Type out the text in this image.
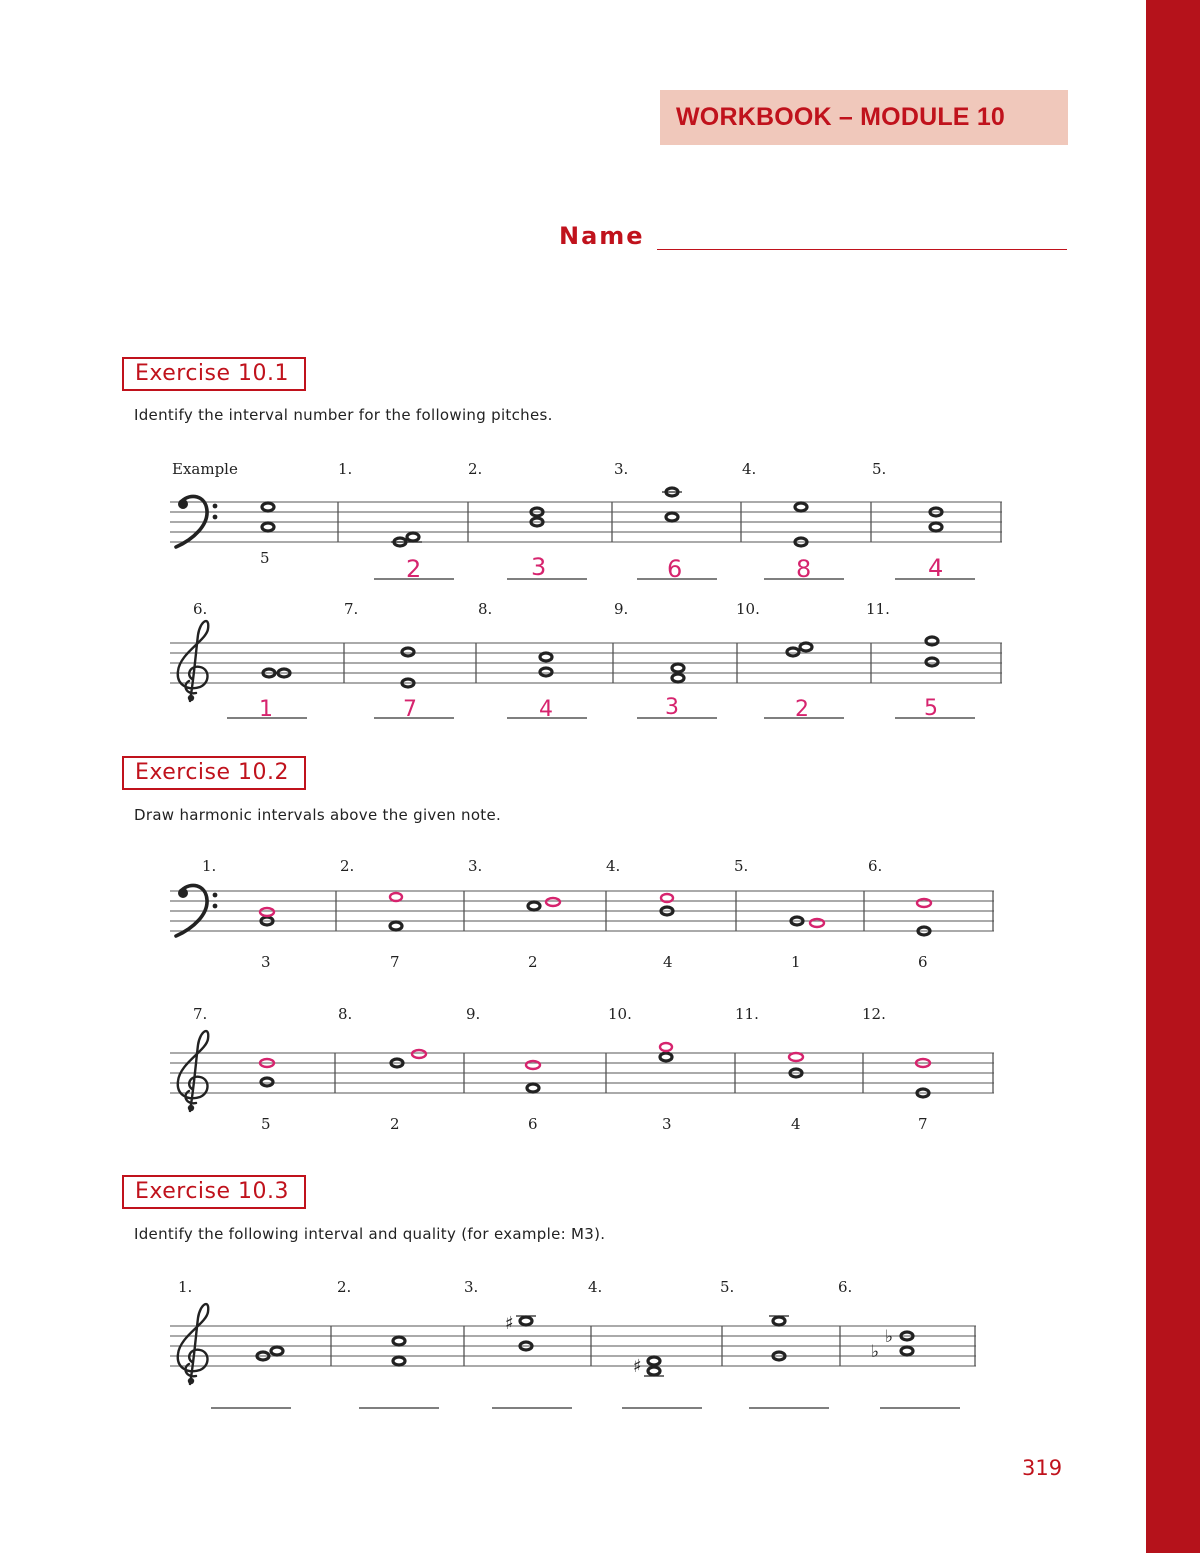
WORKBOOK – MODULE 10
Name
Exercise 10.1
Identify the interval number for the following pitches.
Exercise 10.2
Draw harmonic intervals above the given note.
Exercise 10.3
Identify the following interval and quality (for example: M3).
Example	1.	2.	3.	4.	5.
5	2	3	6	8	4
6.	7.	8.	9.	10.	11.
1	7	4	3	2	5
1.	2.	3.	4.	5.	6.
3	7	2	4	1	6
7.	8.	9.	10.	11.	12.
5	2	6	3	4	7
♯
♯
♭
♭
1.	2.	3.	4.	5.	6.
319
